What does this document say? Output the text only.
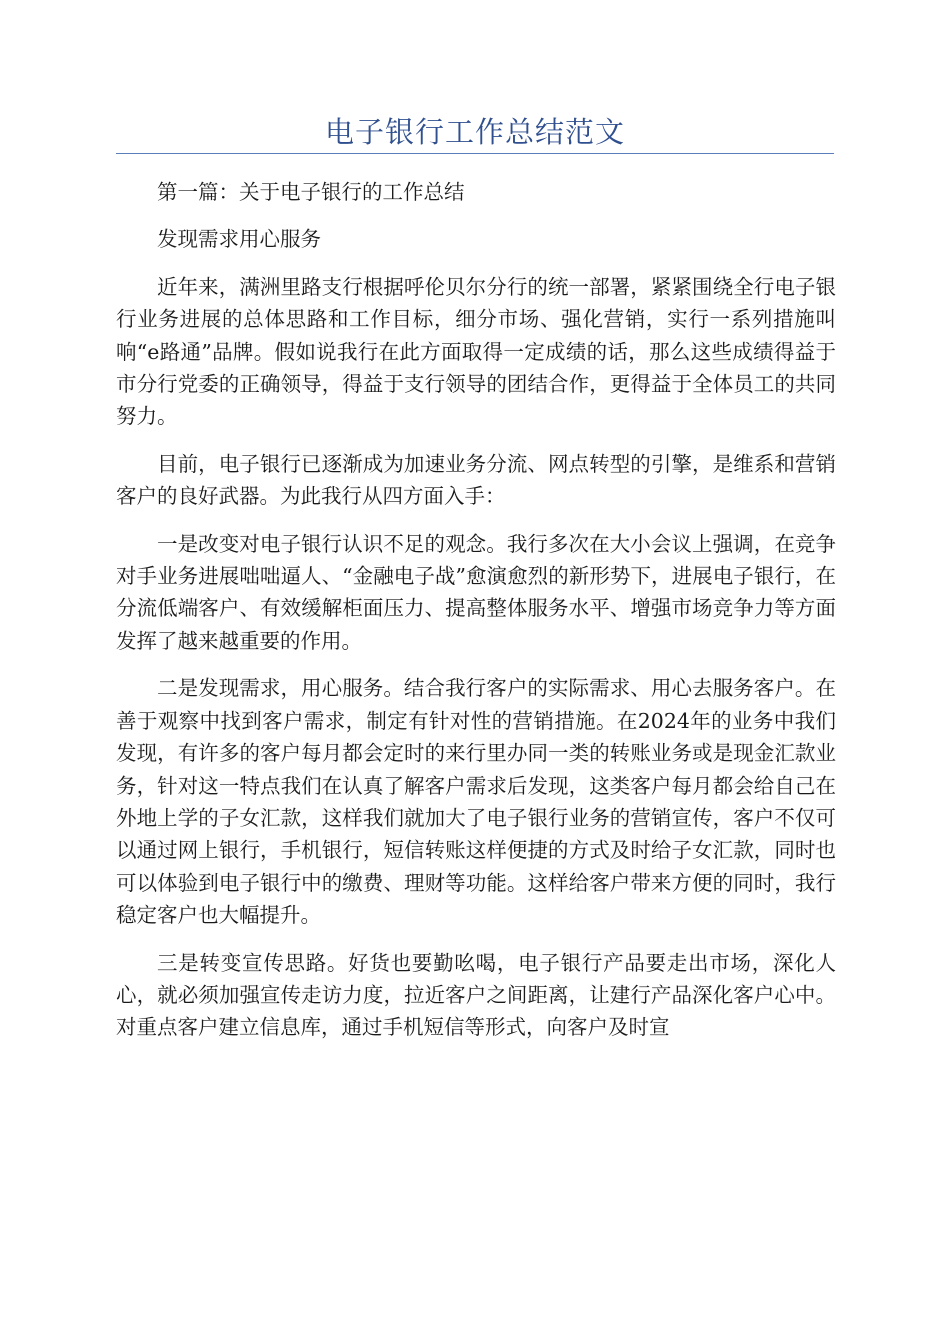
电子银行工作总结范文

第一篇：关于电子银行的工作总结

发现需求用心服务

近年来，满洲里路支行根据呼伦贝尔分行的统一部署，紧紧围绕全行电子银行业务进展的总体思路和工作目标，细分市场、强化营销，实行一系列措施叫响“e路通”品牌。假如说我行在此方面取得一定成绩的话，那么这些成绩得益于市分行党委的正确领导，得益于支行领导的团结合作，更得益于全体员工的共同努力。

目前，电子银行已逐渐成为加速业务分流、网点转型的引擎，是维系和营销客户的良好武器。为此我行从四方面入手：

一是改变对电子银行认识不足的观念。我行多次在大小会议上强调，在竞争对手业务进展咄咄逼人、“金融电子战”愈演愈烈的新形势下，进展电子银行，在分流低端客户、有效缓解柜面压力、提高整体服务水平、增强市场竞争力等方面发挥了越来越重要的作用。

二是发现需求，用心服务。结合我行客户的实际需求、用心去服务客户。在善于观察中找到客户需求，制定有针对性的营销措施。在2024年的业务中我们发现，有许多的客户每月都会定时的来行里办同一类的转账业务或是现金汇款业务，针对这一特点我们在认真了解客户需求后发现，这类客户每月都会给自己在外地上学的子女汇款，这样我们就加大了电子银行业务的营销宣传，客户不仅可以通过网上银行，手机银行，短信转账这样便捷的方式及时给子女汇款，同时也可以体验到电子银行中的缴费、理财等功能。这样给客户带来方便的同时，我行稳定客户也大幅提升。

三是转变宣传思路。好货也要勤吆喝，电子银行产品要走出市场，深化人心，就必须加强宣传走访力度，拉近客户之间距离，让建行产品深化客户心中。对重点客户建立信息库，通过手机短信等形式，向客户及时宣
